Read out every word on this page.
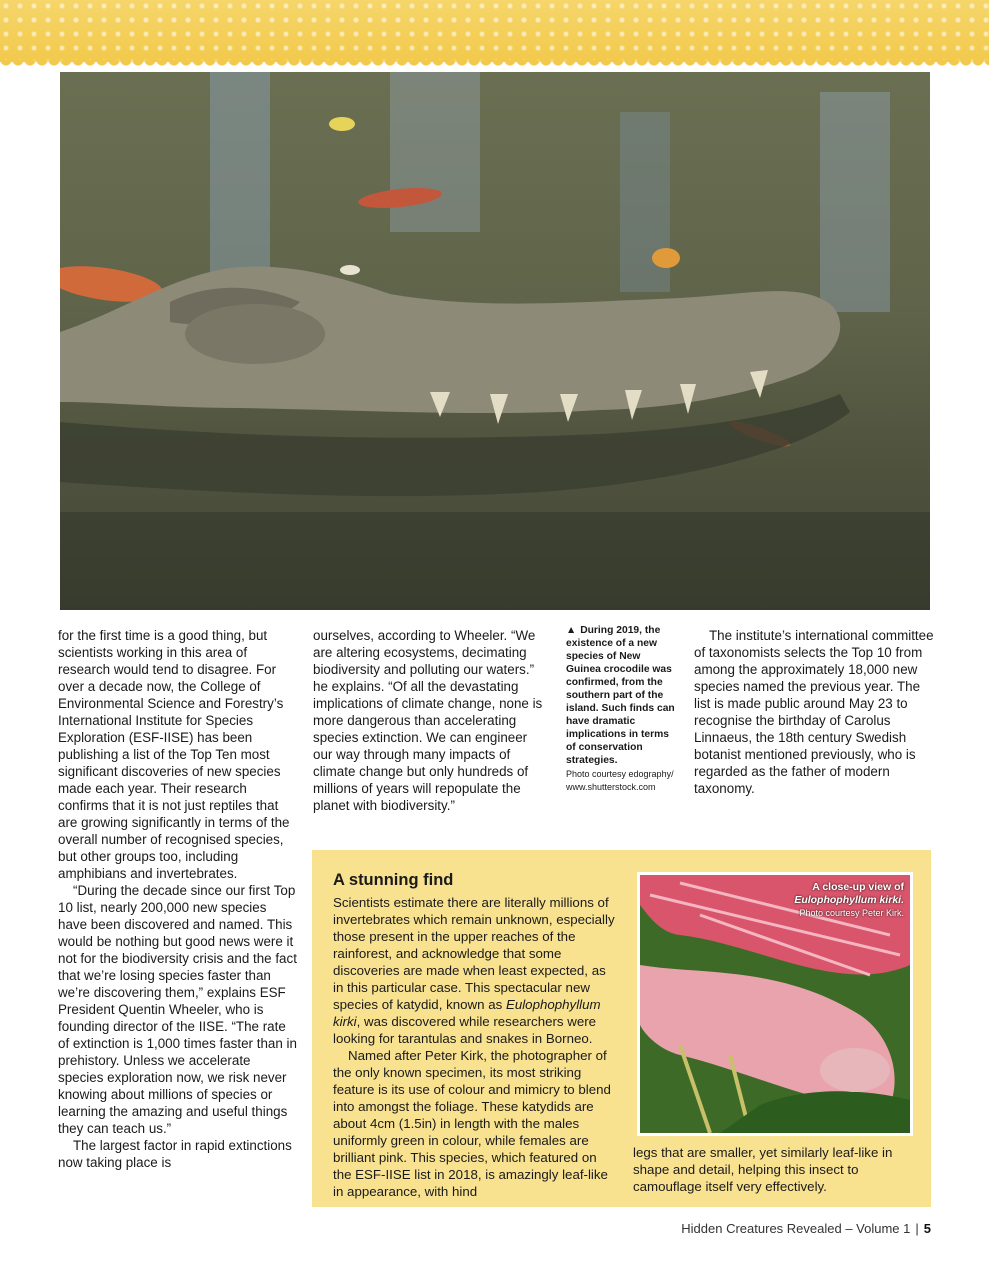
for the first time is a good thing, but scientists working in this area of research would tend to disagree. For over a decade now, the College of Environmental Science and Forestry’s International Institute for Species Exploration (ESF-IISE) has been publishing a list of the Top Ten most significant discoveries of new species made each year. Their research confirms that it is not just reptiles that are growing significantly in terms of the overall number of recognised species, but other groups too, including amphibians and invertebrates.

“During the decade since our first Top 10 list, nearly 200,000 new species have been discovered and named. This would be nothing but good news were it not for the biodiversity crisis and the fact that we’re losing species faster than we’re discovering them,” explains ESF President Quentin Wheeler, who is founding director of the IISE. “The rate of extinction is 1,000 times faster than in prehistory. Unless we accelerate species exploration now, we risk never knowing about millions of species or learning the amazing and useful things they can teach us.”

The largest factor in rapid extinctions now taking place is

ourselves, according to Wheeler. “We are altering ecosystems, decimating biodiversity and polluting our waters.” he explains. “Of all the devastating implications of climate change, none is more dangerous than accelerating species extinction. We can engineer our way through many impacts of climate change but only hundreds of millions of years will repopulate the planet with biodiversity.”

▲ During 2019, the existence of a new species of New Guinea crocodile was confirmed, from the southern part of the island. Such finds can have dramatic implications in terms of conservation strategies.
Photo courtesy edography/ www.shutterstock.com

The institute’s international committee of taxonomists selects the Top 10 from among the approximately 18,000 new species named the previous year. The list is made public around May 23 to recognise the birthday of Carolus Linnaeus, the 18th century Swedish botanist mentioned previously, who is regarded as the father of modern taxonomy.

A stunning find

Scientists estimate there are literally millions of invertebrates which remain unknown, especially those present in the upper reaches of the rainforest, and acknowledge that some discoveries are made when least expected, as in this particular case. This spectacular new species of katydid, known as Eulophophyllum kirki, was discovered while researchers were looking for tarantulas and snakes in Borneo.

Named after Peter Kirk, the photographer of the only known specimen, its most striking feature is its use of colour and mimicry to blend into amongst the foliage. These katydids are about 4cm (1.5in) in length with the males uniformly green in colour, while females are brilliant pink. This species, which featured on the ESF-IISE list in 2018, is amazingly leaf-like in appearance, with hind

A close-up view of Eulophophyllum kirki. Photo courtesy Peter Kirk.

legs that are smaller, yet similarly leaf-like in shape and detail, helping this insect to camouflage itself very effectively.

Hidden Creatures Revealed – Volume 1 | 5
